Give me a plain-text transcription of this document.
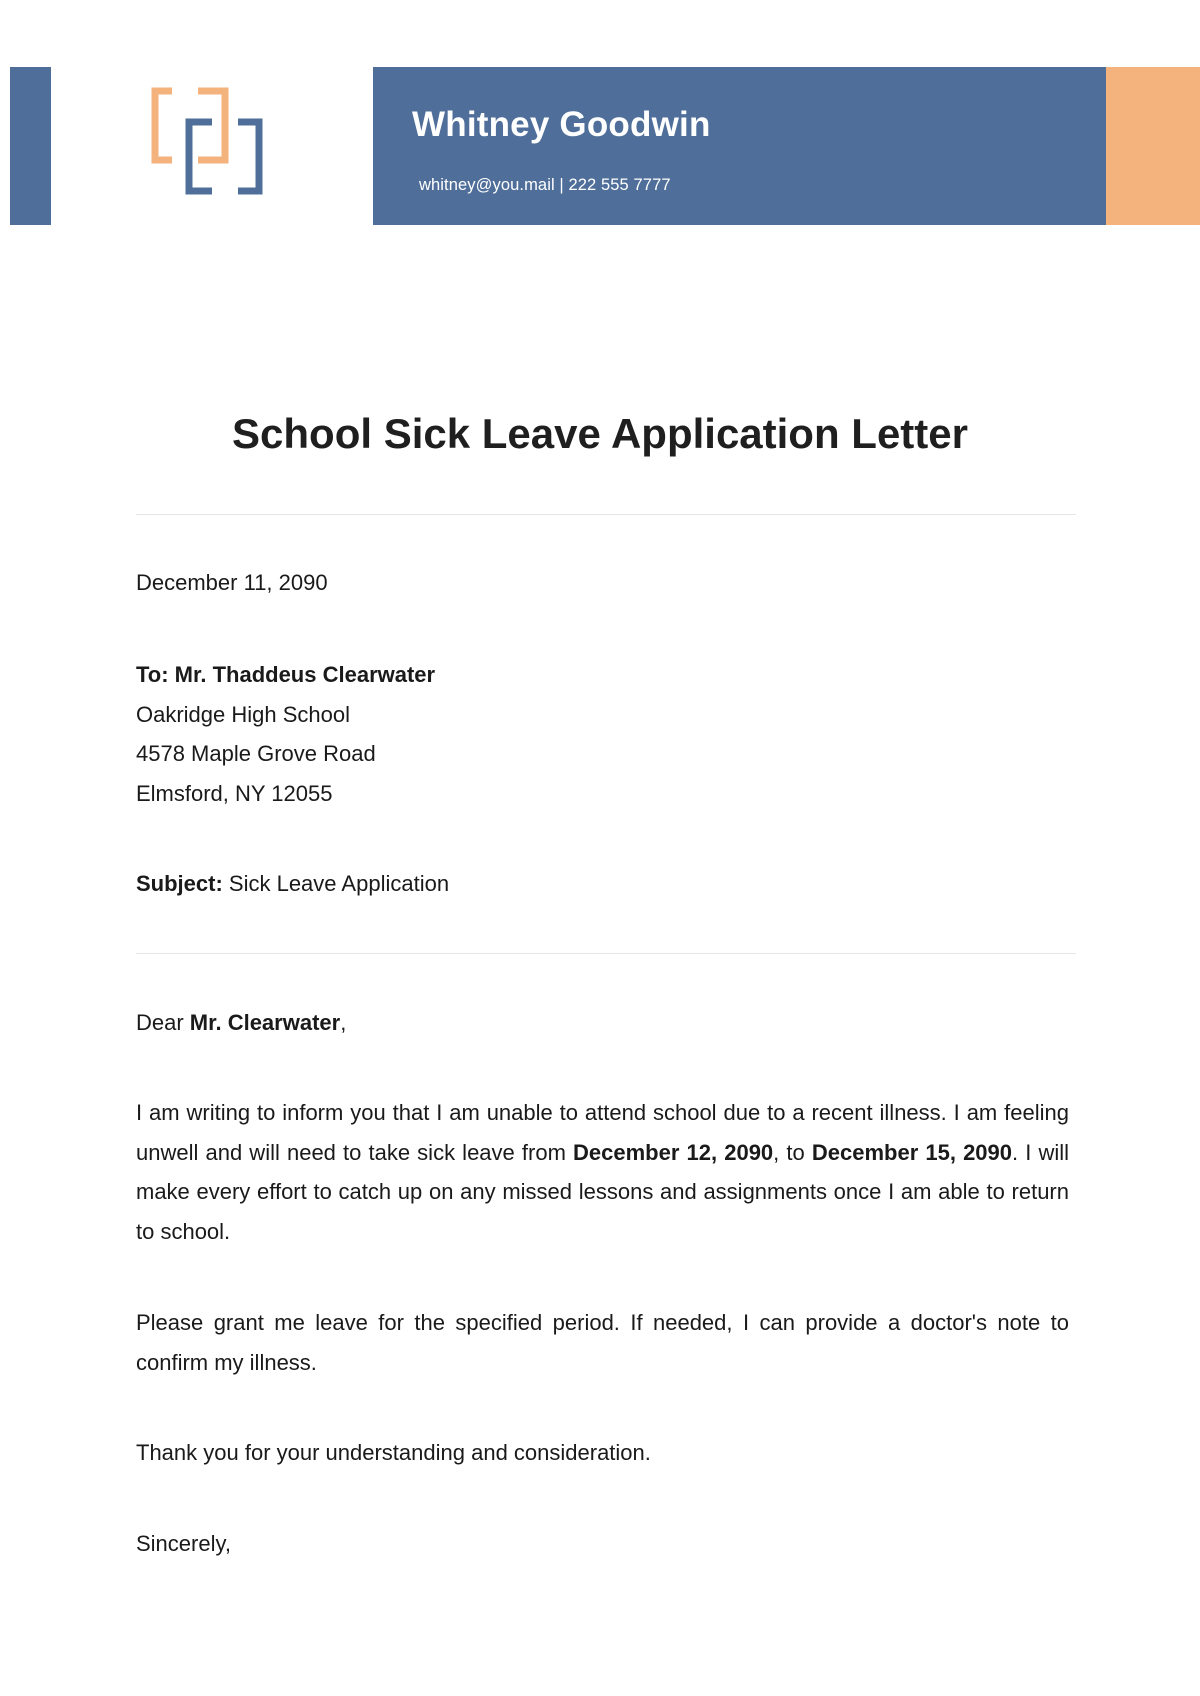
Whitney Goodwin
whitney@you.mail | 222 555 7777
School Sick Leave Application Letter
December 11, 2090
To: Mr. Thaddeus Clearwater
Oakridge High School
4578 Maple Grove Road
Elmsford, NY 12055
Subject: Sick Leave Application
Dear Mr. Clearwater,

I am writing to inform you that I am unable to attend school due to a recent illness. I am feeling unwell and will need to take sick leave from December 12, 2090, to December 15, 2090. I will make every effort to catch up on any missed lessons and assignments once I am able to return to school.

Please grant me leave for the specified period. If needed, I can provide a doctor's note to confirm my illness.

Thank you for your understanding and consideration.
Sincerely,
